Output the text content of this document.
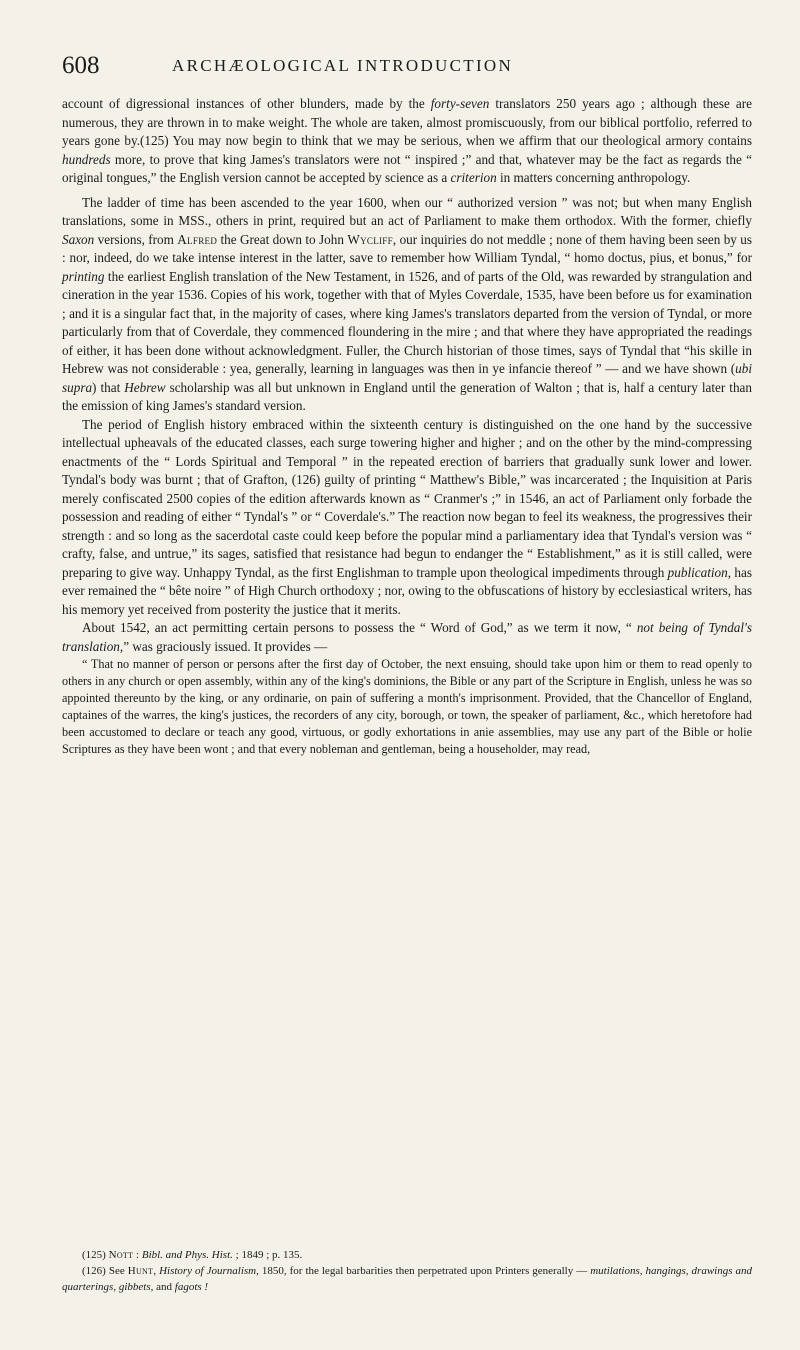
608	ARCHÆOLOGICAL INTRODUCTION

account of digressional instances of other blunders, made by the forty-seven translators 250 years ago ; although these are numerous, they are thrown in to make weight. The whole are taken, almost promiscuously, from our biblical portfolio, referred to years gone by.(125) You may now begin to think that we may be serious, when we affirm that our theological armory contains hundreds more, to prove that king James's translators were not “ inspired ;” and that, whatever may be the fact as regards the “ original tongues,” the English version cannot be accepted by science as a criterion in matters concerning anthropology.

The ladder of time has been ascended to the year 1600, when our “ authorized version ” was not; but when many English translations, some in MSS., others in print, required but an act of Parliament to make them orthodox. With the former, chiefly Saxon versions, from Alfred the Great down to John Wycliff, our inquiries do not meddle ; none of them having been seen by us : nor, indeed, do we take intense interest in the latter, save to remember how William Tyndal, “ homo doctus, pius, et bonus,” for printing the earliest English translation of the New Testament, in 1526, and of parts of the Old, was rewarded by strangulation and cineration in the year 1536. Copies of his work, together with that of Myles Coverdale, 1535, have been before us for examination ; and it is a singular fact that, in the majority of cases, where king James's translators departed from the version of Tyndal, or more particularly from that of Coverdale, they commenced floundering in the mire ; and that where they have appropriated the readings of either, it has been done without acknowledgment. Fuller, the Church historian of those times, says of Tyndal that “his skille in Hebrew was not considerable : yea, generally, learning in languages was then in ye infancie thereof ” — and we have shown (ubi supra) that Hebrew scholarship was all but unknown in England until the generation of Walton ; that is, half a century later than the emission of king James's standard version.

The period of English history embraced within the sixteenth century is distinguished on the one hand by the successive intellectual upheavals of the educated classes, each surge towering higher and higher ; and on the other by the mind-compressing enactments of the “ Lords Spiritual and Temporal ” in the repeated erection of barriers that gradually sunk lower and lower. Tyndal's body was burnt ; that of Grafton, (126) guilty of printing “ Matthew's Bible,” was incarcerated ; the Inquisition at Paris merely confiscated 2500 copies of the edition afterwards known as “ Cranmer's ;” in 1546, an act of Parliament only forbade the possession and reading of either “ Tyndal's ” or “ Coverdale's.” The reaction now began to feel its weakness, the progressives their strength : and so long as the sacerdotal caste could keep before the popular mind a parliamentary idea that Tyndal's version was “ crafty, false, and untrue,” its sages, satisfied that resistance had begun to endanger the “ Establishment,” as it is still called, were preparing to give way. Unhappy Tyndal, as the first Englishman to trample upon theological impediments through publication, has ever remained the “ bête noire ” of High Church orthodoxy ; nor, owing to the obfuscations of history by ecclesiastical writers, has his memory yet received from posterity the justice that it merits.

About 1542, an act permitting certain persons to possess the “ Word of God,” as we term it now, “ not being of Tyndal's translation,” was graciously issued. It provides —

“ That no manner of person or persons after the first day of October, the next ensuing, should take upon him or them to read openly to others in any church or open assembly, within any of the king's dominions, the Bible or any part of the Scripture in English, unless he was so appointed thereunto by the king, or any ordinarie, on pain of suffering a month's imprisonment. Provided, that the Chancellor of England, captaines of the warres, the king's justices, the recorders of any city, borough, or town, the speaker of parliament, &c., which heretofore had been accustomed to declare or teach any good, virtuous, or godly exhortations in anie assemblies, may use any part of the Bible or holie Scriptures as they have been wont ; and that every nobleman and gentleman, being a householder, may read,

(125) Nott : Bibl. and Phys. Hist. ; 1849 ; p. 135.

(126) See Hunt, History of Journalism, 1850, for the legal barbarities then perpetrated upon Printers generally — mutilations, hangings, drawings and quarterings, gibbets, and fagots !
